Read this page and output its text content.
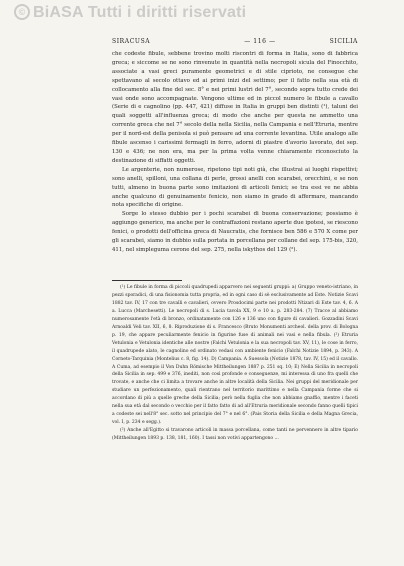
© BiASA Tutti i diritti riservati
SIRACUSA	— 116 —	SICILIA

che codeste fibule, sebbene trovino molti riscontri di forma in Italia, sono di fabbrica greca; e siccome se ne sono rinvenute in quantità nella necropoli sicula del Finocchito, associate a vasi greci puramente geometrici e di stile ciprioto, ne consegue che spettavano al secolo ottavo ed ai primi inizi del settimo; per il fatto nella sua età di collocamento alla fine del sec. 8° e nei primi lustri del 7°, secondo sopra tutto crede dei vasi onde sono accompagnate. Vengono ultime ed in piccol numero le fibule a cavallo (Serie di e cagnolino (pp. 447, 421) diffuse in Italia in gruppi ben distinti (¹), taluni dei quali soggetti all'influenza greca; di modo che anche per questa ne ammetto una corrente greca che nel 7° secolo della nella Sicilia, nella Campania e nell'Etruria, mentre per il nord-est della penisola si può pensare ad una corrente levantina. Utile analogo alle fibule ascenso i carissimi fermagli in ferro, adorni di piastre d'avorio lavorato, dei sep. 130 e 436; ne non era, ma per la prima volta venne chiaramente riconosciuto la destinazione di siffatti oggetti.

Le argenterie, non numerose, ripetono tipi noti già, che illustrai ai luoghi rispettivi; sono anelli, spilloni, una collana di perle, grossi anelli con scarabei, orecchini, e se non tutti, almeno in buona parte sono imitazioni di articoli fenici; se tra essi ve ne abbia anche qualcuno di genuinamente fenicio, non siamo in grado di affermare, mancando nota specifiche di origine.

Sorge lo stesso dubbio per i pochi scarabei di buona conservazione; possiamo è aggiungo generico, ma anche per le contraffazioni restano aperte due ipotesi, se riescono fenici, o prodotti dell'officina greca di Naucratis, che fornisce ben 586 e 570 X come per gli scarabei, siamo in dubbio sulla portata in porcellana per collane del sep. 175-bis, 320, 411, nel simpleguma cerone del sep. 275, nella iskythos del 129 (²).

(¹) Le fibule in forma di piccoli quadrupedi apparvero nei seguenti gruppi: a) Gruppo veneto-istriano, in pezzi sporadici, di una fisionomia tutta propria, ed in ogni caso di sè esclusivamente ad Este. Notizie Scavi 1882 tav. IV, 17 con tre cavalli e cavalieri, ovvero Prosdocimi parte nei prodotti Ntizari di Este tav. 4, 6. A a. Lucca (Marchesetti). Le necropoli di s. Lucia tavola XX, 9 e 10 a. p. 283-284. (7) Tracce al abbiamo numerosamente l'età di bronzo, ordinatamente con 126 e 136 uno con figure di cavalieri. Gozzadini Scavi Arnoaldi Veli tav. XII, 6, 8. Riproduzione di s. Francesco (Bruto Monumenti archeol. della prov. di Bologna p. 19, che appare peculiarmente fenicio in figurine fuse di animali nei vasi e nella fibula. (²) Etruria Vetulonia e Vetulonia identiche alle nostre (Falchi Vetulonia e la sua necropoli tav. XV, 11), le cose in ferro, il quadrupede alato, le cagnolino ed ordinato vedasi con ambiente fenicio (Falchi Notizie 1894, p. 343). A Corneto-Tarquinia (Montelius c. 8, fig. 14). D) Campania. A Suessola (Notizie 1878, tav. IV, 15) ed il cavallo. A Cuma, ad esempio il Von Duhn Römische Mittheilungen 1887 p. 251 sq. 10; E) Nella Sicilia in necropoli della Sicilia in sep. 499 e 376, inediti, non così profonde e conseguenze, mi interessa di uno fra quelli che trovate, e anche che ci limita a trovare anche in altre località della Sicilia. Nei gruppi del meridionale per studiare un perfezionamento, quali rientrano nel territorio marittimo e nella Campania forme che si accordano di più a quelle greche della Sicilia; però nella fuglia che non abbiamo gnaffio, mentre i faceti nella sua età dal secondo o vecchio per il fatto fatto di ad all'Etruria meridionale secondo fanno quelli tipici a codeste sei nell'8° sec. sotto nel principio del 7° e nel 6°. (Pais Storia della Sicilia e della Magna Grecia, vol. I, p. 234 e segg.).

(²) Anche all'Egitto si travarono articoli in massa porcellana, come tanti ne pervennero in altre tipario (Mittheilungen 1893 p. 138, 181, 160). I tassi non votivi appartengono ...
